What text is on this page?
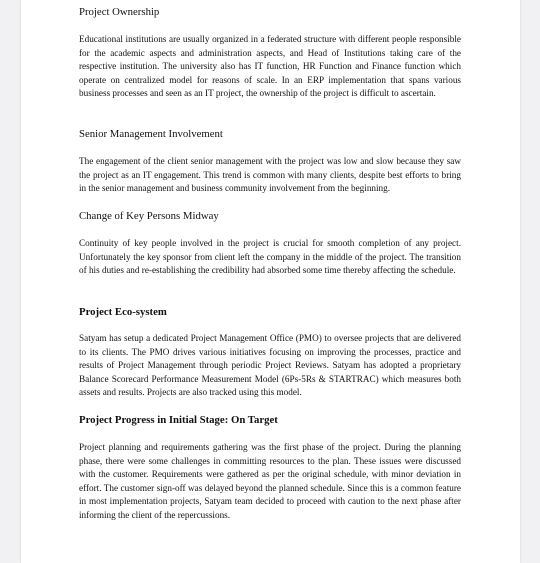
Project Ownership

Educational institutions are usually organized in a federated structure with different people responsible for the academic aspects and administration aspects, and Head of Institutions taking care of the respective institution. The university also has IT function, HR Function and Finance function which operate on centralized model for reasons of scale. In an ERP implementation that spans various business processes and seen as an IT project, the ownership of the project is difficult to ascertain.

Senior Management Involvement

The engagement of the client senior management with the project was low and slow because they saw the project as an IT engagement. This trend is common with many clients, despite best efforts to bring in the senior management and business community involvement from the beginning.

Change of Key Persons Midway

Continuity of key people involved in the project is crucial for smooth completion of any project. Unfortunately the key sponsor from client left the company in the middle of the project. The transition of his duties and re-establishing the credibility had absorbed some time thereby affecting the schedule.

Project Eco-system

Satyam has setup a dedicated Project Management Office (PMO) to oversee projects that are delivered to its clients. The PMO drives various initiatives focusing on improving the processes, practice and results of Project Management through periodic Project Reviews. Satyam has adopted a proprietary Balance Scorecard Performance Measurement Model (6Ps-5Rs & STARTRAC) which measures both assets and results. Projects are also tracked using this model.

Project Progress in Initial Stage: On Target

Project planning and requirements gathering was the first phase of the project. During the planning phase, there were some challenges in committing resources to the plan. These issues were discussed with the customer. Requirements were gathered as per the original schedule, with minor deviation in effort. The customer sign-off was delayed beyond the planned schedule. Since this is a common feature in most implementation projects, Satyam team decided to proceed with caution to the next phase after informing the client of the repercussions.
